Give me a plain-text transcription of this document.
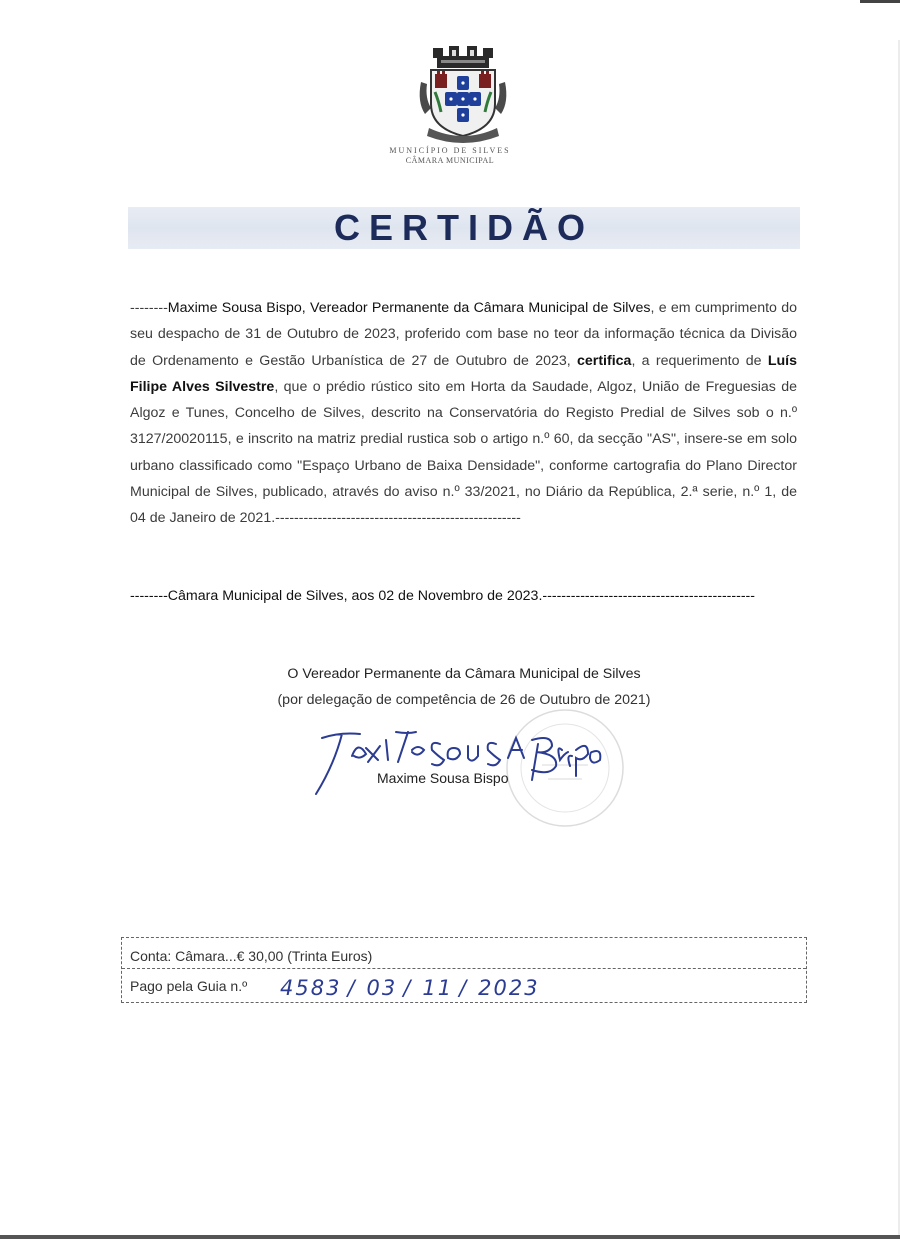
MUNICÍPIO DE SILVES
CÂMARA MUNICIPAL
CERTIDÃO
--------Maxime Sousa Bispo, Vereador Permanente da Câmara Municipal de Silves, e em cumprimento do seu despacho de 31 de Outubro de 2023, proferido com base no teor da informação técnica da Divisão de Ordenamento e Gestão Urbanística de 27 de Outubro de 2023, certifica, a requerimento de Luís Filipe Alves Silvestre, que o prédio rústico sito em Horta da Saudade, Algoz, União de Freguesias de Algoz e Tunes, Concelho de Silves, descrito na Conservatória do Registo Predial de Silves sob o n.º 3127/20020115, e inscrito na matriz predial rustica sob o artigo n.º 60, da secção "AS", insere-se em solo urbano classificado como "Espaço Urbano de Baixa Densidade", conforme cartografia do Plano Director Municipal de Silves, publicado, através do aviso n.º 33/2021, no Diário da República, 2.ª serie, n.º 1, de 04 de Janeiro de 2021.----------------------------------------------------
--------Câmara Municipal de Silves, aos 02 de Novembro de 2023.---------------------------------------------
O Vereador Permanente da Câmara Municipal de Silves
(por delegação de competência de 26 de Outubro de 2021)
Maxime Sousa Bispo
Conta: Câmara...€ 30,00 (Trinta Euros)
Pago pela Guia n.º 4583 / 03 / 11 / 2023
